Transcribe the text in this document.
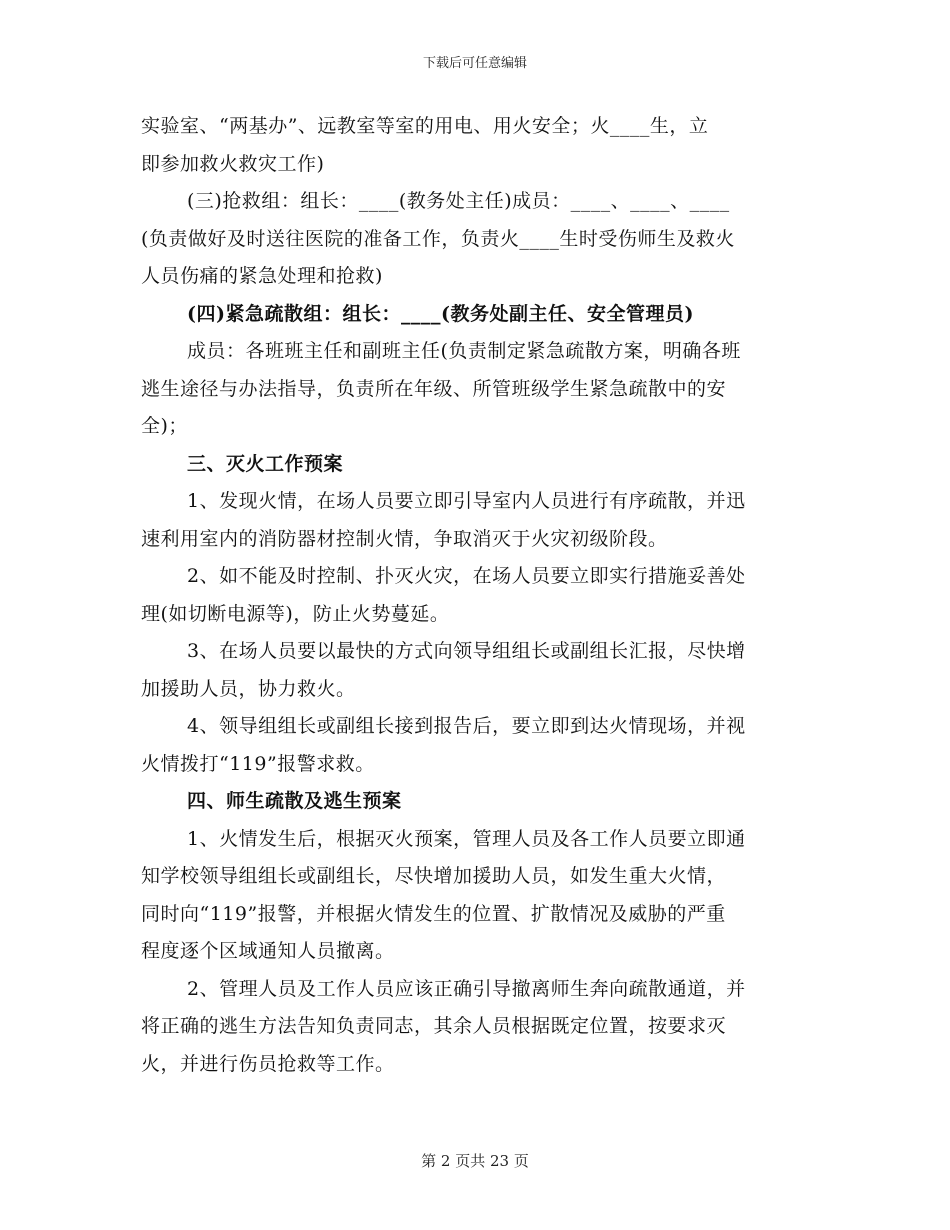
下载后可任意编辑
实验室、“两基办”、远教室等室的用电、用火安全；火____生，立
即参加救火救灾工作)
(三)抢救组：组长：____(教务处主任)成员：____、____、____
(负责做好及时送往医院的准备工作，负责火____生时受伤师生及救火
人员伤痛的紧急处理和抢救)
(四)紧急疏散组：组长：____(教务处副主任、安全管理员)
成员：各班班主任和副班主任(负责制定紧急疏散方案，明确各班
逃生途径与办法指导，负责所在年级、所管班级学生紧急疏散中的安
全)；
三、灭火工作预案
1、发现火情，在场人员要立即引导室内人员进行有序疏散，并迅
速利用室内的消防器材控制火情，争取消灭于火灾初级阶段。
2、如不能及时控制、扑灭火灾，在场人员要立即实行措施妥善处
理(如切断电源等)，防止火势蔓延。
3、在场人员要以最快的方式向领导组组长或副组长汇报，尽快增
加援助人员，协力救火。
4、领导组组长或副组长接到报告后，要立即到达火情现场，并视
火情拨打“119”报警求救。
四、师生疏散及逃生预案
1、火情发生后，根据灭火预案，管理人员及各工作人员要立即通
知学校领导组组长或副组长，尽快增加援助人员，如发生重大火情，
同时向“119”报警，并根据火情发生的位置、扩散情况及威胁的严重
程度逐个区域通知人员撤离。
2、管理人员及工作人员应该正确引导撤离师生奔向疏散通道，并
将正确的逃生方法告知负责同志，其余人员根据既定位置，按要求灭
火，并进行伤员抢救等工作。
第 2 页共 23 页
